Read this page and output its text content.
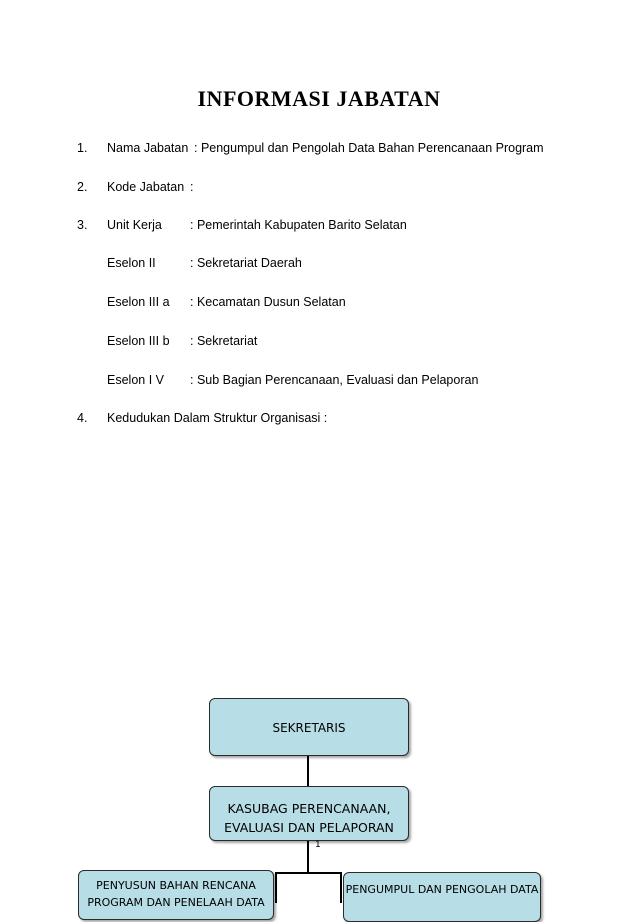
INFORMASI JABATAN
1. Nama Jabatan : Pengumpul dan Pengolah Data Bahan Perencanaan Program
2. Kode Jabatan :
3. Unit Kerja : Pemerintah Kabupaten Barito Selatan
Eselon II	: Sekretariat Daerah
Eselon III a : Kecamatan Dusun Selatan
Eselon III b : Sekretariat
Eselon I V : Sub Bagian Perencanaan, Evaluasi dan Pelaporan
4. Kedudukan Dalam Struktur Organisasi :
SEKRETARIS
KASUBAG PERENCANAAN,
EVALUASI DAN PELAPORAN
1
PENYUSUN BAHAN RENCANA
PROGRAM DAN PENELAAH DATA
PENGUMPUL DAN PENGOLAH DATA
